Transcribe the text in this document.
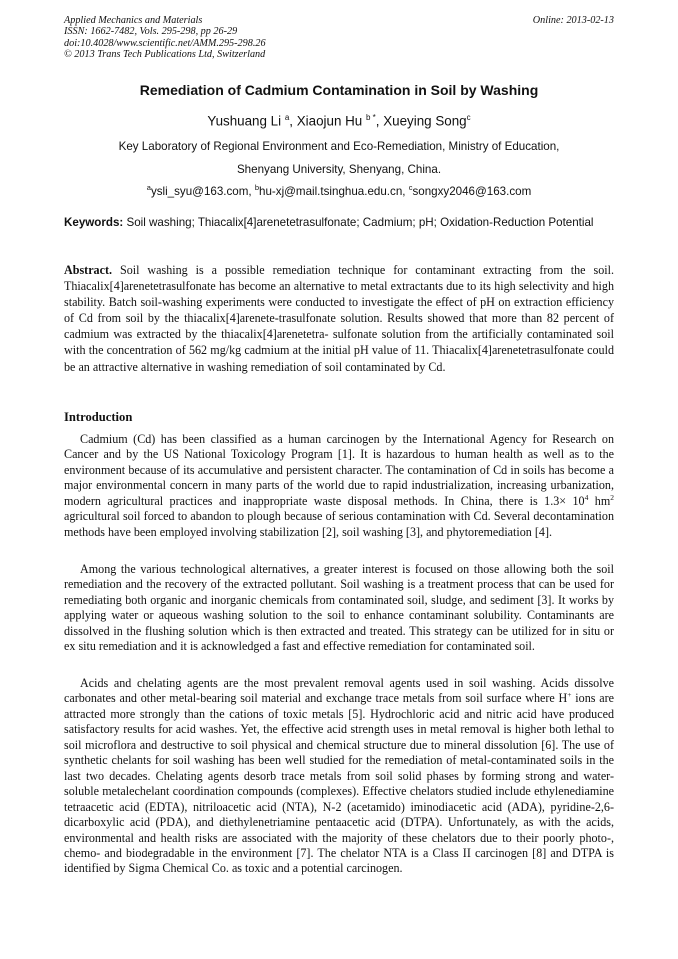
Applied Mechanics and Materials
ISSN: 1662-7482, Vols. 295-298, pp 26-29
doi:10.4028/www.scientific.net/AMM.295-298.26
© 2013 Trans Tech Publications Ltd, Switzerland
Online: 2013-02-13
Remediation of Cadmium Contamination in Soil by Washing
Yushuang Li $^a$, Xiaojun Hu $^{b *}$, Xueying Song$^c$
Key Laboratory of Regional Environment and Eco-Remediation, Ministry of Education,
Shenyang University, Shenyang, China.
$^a$ysli_syu@163.com, $^b$hu-xj@mail.tsinghua.edu.cn, $^c$songxy2046@163.com
Keywords: Soil washing; Thiacalix[4]arenetetrasulfonate; Cadmium; pH; Oxidation-Reduction Potential
Abstract. Soil washing is a possible remediation technique for contaminant extracting from the soil. Thiacalix[4]arenetetrasulfonate has become an alternative to metal extractants due to its high selectivity and high stability. Batch soil-washing experiments were conducted to investigate the effect of pH on extraction efficiency of Cd from soil by the thiacalix[4]arenete-trasulfonate solution. Results showed that more than 82 percent of cadmium was extracted by the thiacalix[4]arenetetra- sulfonate solution from the artificially contaminated soil with the concentration of 562 mg/kg cadmium at the initial pH value of 11. Thiacalix[4]arenetetrasulfonate could be an attractive alternative in washing remediation of soil contaminated by Cd.
Introduction

Cadmium (Cd) has been classified as a human carcinogen by the International Agency for Research on Cancer and by the US National Toxicology Program [1]. It is hazardous to human health as well as to the environment because of its accumulative and persistent character. The contamination of Cd in soils has become a major environmental concern in many parts of the world due to rapid industrialization, increasing urbanization, modern agricultural practices and inappropriate waste disposal methods. In China, there is $1.3\times 10^4$ $hm^2$ agricultural soil forced to abandon to plough because of serious contamination with Cd. Several decontamination methods have been employed involving stabilization [2], soil washing [3], and phytoremediation [4].

Among the various technological alternatives, a greater interest is focused on those allowing both the soil remediation and the recovery of the extracted pollutant. Soil washing is a treatment process that can be used for remediating both organic and inorganic chemicals from contaminated soil, sludge, and sediment [3]. It works by applying water or aqueous washing solution to the soil to enhance contaminant solubility. Contaminants are dissolved in the flushing solution which is then extracted and treated. This strategy can be utilized for in situ or ex situ remediation and it is acknowledged a fast and effective remediation for contaminated soil.

Acids and chelating agents are the most prevalent removal agents used in soil washing. Acids dissolve carbonates and other metal-bearing soil material and exchange trace metals from soil surface where H+ ions are attracted more strongly than the cations of toxic metals [5]. Hydrochloric acid and nitric acid have produced satisfactory results for acid washes. Yet, the effective acid strength uses in metal removal is higher both lethal to soil microflora and destructive to soil physical and chemical structure due to mineral dissolution [6]. The use of synthetic chelants for soil washing has been well studied for the remediation of metal-contaminated soils in the last two decades. Chelating agents desorb trace metals from soil solid phases by forming strong and water-soluble metalechelant coordination compounds (complexes). Effective chelators studied include ethylenediamine tetraacetic acid (EDTA), nitriloacetic acid (NTA), N-2 (acetamido) iminodiacetic acid (ADA), pyridine-2,6-dicarboxylic acid (PDA), and diethylenetriamine pentaacetic acid (DTPA). Unfortunately, as with the acids, environmental and health risks are associated with the majority of these chelators due to their poorly photo-, chemo- and biodegradable in the environment [7]. The chelator NTA is a Class II carcinogen [8] and DTPA is identified by Sigma Chemical Co. as toxic and a potential carcinogen.
